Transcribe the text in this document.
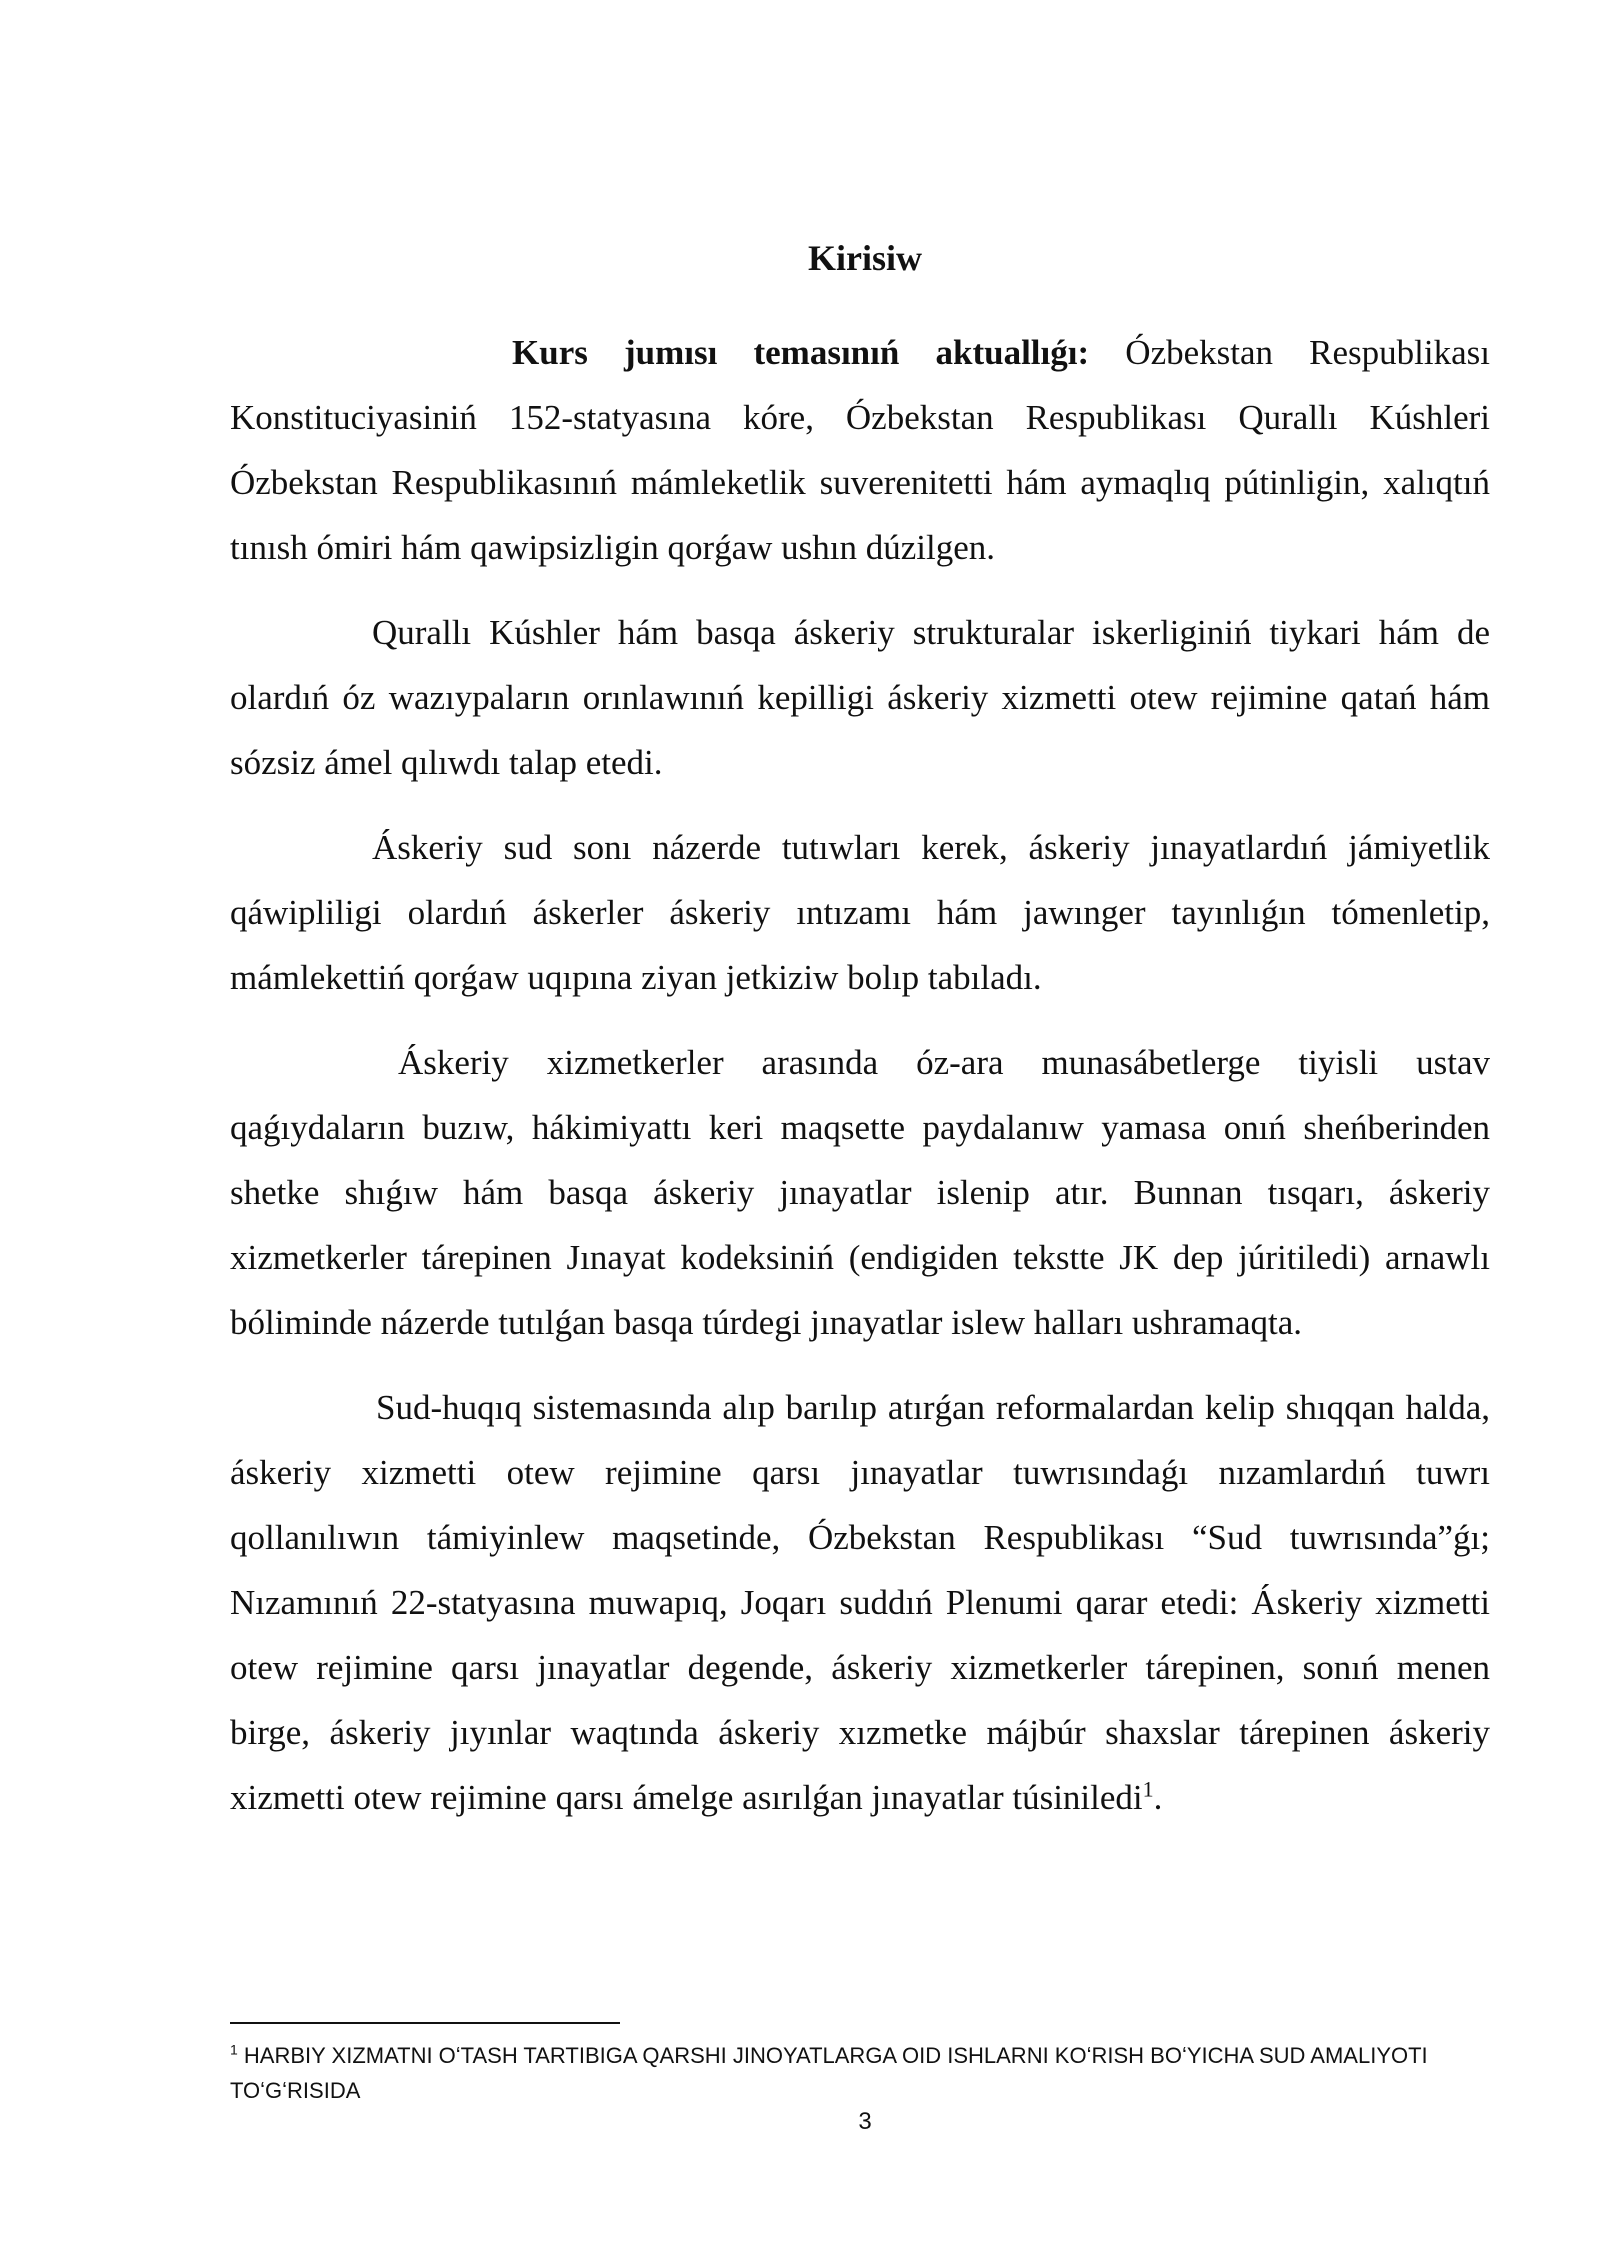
Kirisiw

Kurs jumısı temasınıń aktuallıǵı: Ózbekstan Respublikası Konstituciyasiniń 152-statyasına kóre, Ózbekstan Respublikası Qurallı Kúshleri Ózbekstan Respublikasınıń mámleketlik suverenitetti hám aymaqlıq pútinligin, xalıqtıń tınısh ómiri hám qawipsizligin qorǵaw ushın dúzilgen.

Qurallı Kúshler hám basqa áskeriy strukturalar iskerliginiń tiykari hám de olardıń óz wazıypaların orınlawınıń kepilligi áskeriy xizmetti otew rejimine qatań hám sózsiz ámel qılıwdı talap etedi.

Áskeriy sud sonı názerde tutıwları kerek, áskeriy jınayatlardıń jámiyetlik qáwipliligi olardıń áskerler áskeriy ıntızamı hám jawınger tayınlıǵın tómenletip, mámlekettiń qorǵaw uqıpına ziyan jetkiziw bolıp tabıladı.

Áskeriy xizmetkerler arasında óz-ara munasábetlerge tiyisli ustav qaǵıydaların buzıw, hákimiyattı keri maqsette paydalanıw yamasa onıń sheńberinden shetke shıǵıw hám basqa áskeriy jınayatlar islenip atır. Bunnan tısqarı, áskeriy xizmetkerler tárepinen Jınayat kodeksiniń (endigiden tekstte JK dep júritiledi) arnawlı bóliminde názerde tutılǵan basqa túrdegi jınayatlar islew halları ushramaqta.

Sud-huqıq sistemasında alıp barılıp atırǵan reformalardan kelip shıqqan halda, áskeriy xizmetti otew rejimine qarsı jınayatlar tuwrısındaǵı nızamlardıń tuwrı qollanılıwın támiyinlew maqsetinde, Ózbekstan Respublikası “Sud tuwrısında”ǵı; Nızamınıń 22-statyasına muwapıq, Joqarı suddıń Plenumi qarar etedi: Áskeriy xizmetti otew rejimine qarsı jınayatlar degende, áskeriy xizmetkerler tárepinen, sonıń menen birge, áskeriy jıyınlar waqtında áskeriy xızmetke májbúr shaxslar tárepinen áskeriy xizmetti otew rejimine qarsı ámelge asırılǵan jınayatlar túsiniledi$^1$.

$^1$ HARBIY XIZMATNI OʻTASH TARTIBIGA QARSHI JINOYATLARGA OID ISHLARNI KOʻRISH BOʻYICHA SUD AMALIYOTI TOʻGʻRISIDA
3
